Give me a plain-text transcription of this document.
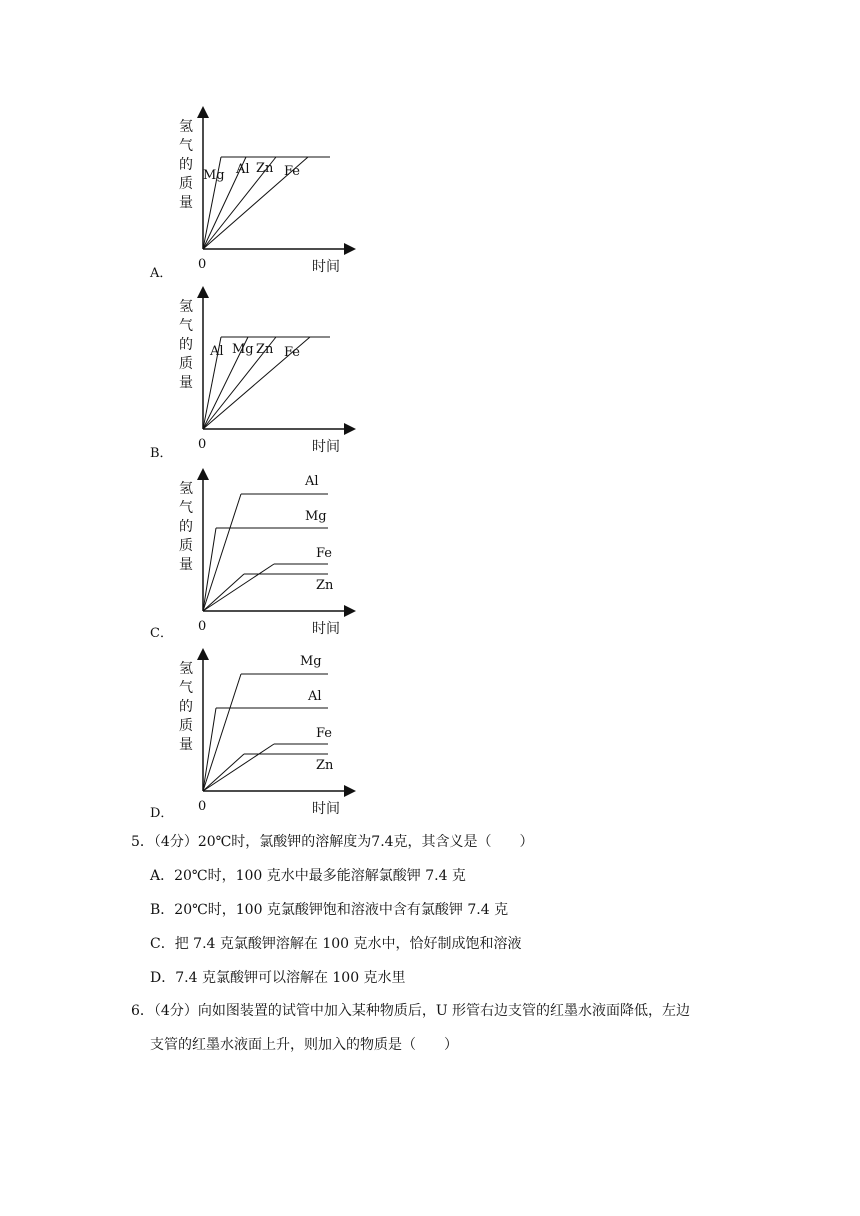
氢
气
的
质
量
0	时间
Mg Al Zn Fe
A．
氢
气
的
质
量
0	时间
Al Mg Zn Fe
B．
氢
气
的
质
量
0	时间
Al
Mg
Fe
Zn
C．
氢
气
的
质
量
0	时间
Mg
Al
Fe
Zn
D．
5．（4分）20℃时，氯酸钾的溶解度为7.4克，其含义是（　　）
A．20℃时，100 克水中最多能溶解氯酸钾 7.4 克
B．20℃时，100 克氯酸钾饱和溶液中含有氯酸钾 7.4 克
C．把 7.4 克氯酸钾溶解在 100 克水中，恰好制成饱和溶液
D．7.4 克氯酸钾可以溶解在 100 克水里
6．（4分）向如图装置的试管中加入某种物质后，U 形管右边支管的红墨水液面降低，左边
支管的红墨水液面上升，则加入的物质是（　　）
